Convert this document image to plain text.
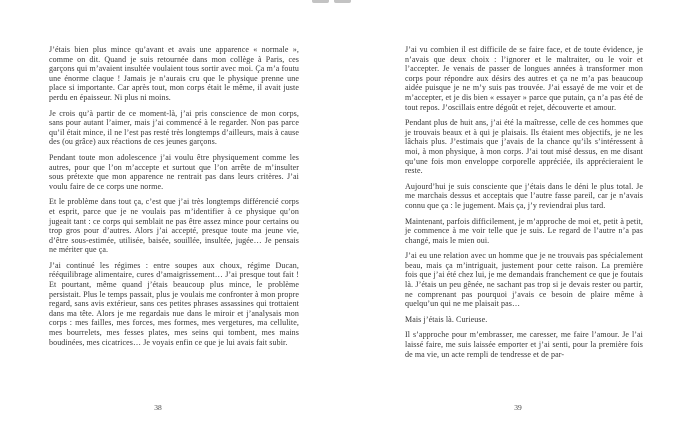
J’étais bien plus mince qu’avant et avais une apparence « normale », comme on dit. Quand je suis retournée dans mon collège à Paris, ces garçons qui m’avaient insultée voulaient tous sortir avec moi. Ça m’a foutu une énorme claque ! Jamais je n’aurais cru que le physique prenne une place si importante. Car après tout, mon corps était le même, il avait juste perdu en épaisseur. Ni plus ni moins.

Je crois qu’à partir de ce moment-là, j’ai pris conscience de mon corps, sans pour autant l’aimer, mais j’ai commencé à le regarder. Non pas parce qu’il était mince, il ne l’est pas resté très longtemps d’ailleurs, mais à cause des (ou grâce) aux réactions de ces jeunes garçons.

Pendant toute mon adolescence j’ai voulu être physiquement comme les autres, pour que l’on m’accepte et surtout que l’on arrête de m’insulter sous prétexte que mon apparence ne rentrait pas dans leurs critères. J’ai voulu faire de ce corps une norme.

Et le problème dans tout ça, c’est que j’ai très longtemps différencié corps et esprit, parce que je ne voulais pas m’identifier à ce physique qu’on jugeait tant : ce corps qui semblait ne pas être assez mince pour certains ou trop gros pour d’autres. Alors j’ai accepté, presque toute ma jeune vie, d’être sous-estimée, utilisée, baisée, souillée, insultée, jugée… Je pensais ne mériter que ça.

J’ai continué les régimes : entre soupes aux choux, régime Ducan, rééquilibrage alimentaire, cures d’amaigrissement… J’ai presque tout fait ! Et pourtant, même quand j’étais beaucoup plus mince, le problème persistait. Plus le temps passait, plus je voulais me confronter à mon propre regard, sans avis extérieur, sans ces petites phrases assassines qui trottaient dans ma tête. Alors je me regardais nue dans le miroir et j’analysais mon corps : mes failles, mes forces, mes formes, mes vergetures, ma cellulite, mes bourrelets, mes fesses plates, mes seins qui tombent, mes mains boudinées, mes cicatrices… Je voyais enfin ce que je lui avais fait subir.

J’ai vu combien il est difficile de se faire face, et de toute évidence, je n’avais que deux choix : l’ignorer et le maltraiter, ou le voir et l’accepter. Je venais de passer de longues années à transformer mon corps pour répondre aux désirs des autres et ça ne m’a pas beaucoup aidée puisque je ne m’y suis pas trouvée. J’ai essayé de me voir et de m’accepter, et je dis bien « essayer » parce que putain, ça n’a pas été de tout repos. J’oscillais entre dégoût et rejet, découverte et amour.

Pendant plus de huit ans, j’ai été la maîtresse, celle de ces hommes que je trouvais beaux et à qui je plaisais. Ils étaient mes objectifs, je ne les lâchais plus. J’estimais que j’avais de la chance qu’ils s’intéressent à moi, à mon physique, à mon corps. J’ai tout misé dessus, en me disant qu’une fois mon enveloppe corporelle appréciée, ils apprécieraient le reste.

Aujourd’hui je suis consciente que j’étais dans le déni le plus total. Je me marchais dessus et acceptais que l’autre fasse pareil, car je n’avais connu que ça : le jugement. Mais ça, j’y reviendrai plus tard.

Maintenant, parfois difficilement, je m’approche de moi et, petit à petit, je commence à me voir telle que je suis. Le regard de l’autre n’a pas changé, mais le mien oui.

J’ai eu une relation avec un homme que je ne trouvais pas spécialement beau, mais ça m’intriguait, justement pour cette raison. La première fois que j’ai été chez lui, je me demandais franchement ce que je foutais là. J’étais un peu gênée, ne sachant pas trop si je devais rester ou partir, ne comprenant pas pourquoi j’avais ce besoin de plaire même à quelqu’un qui ne me plaisait pas…

Mais j’étais là. Curieuse.

Il s’approche pour m’embrasser, me caresser, me faire l’amour. Je l’ai laissé faire, me suis laissée emporter et j’ai senti, pour la première fois de ma vie, un acte rempli de tendresse et de par-

38	39
